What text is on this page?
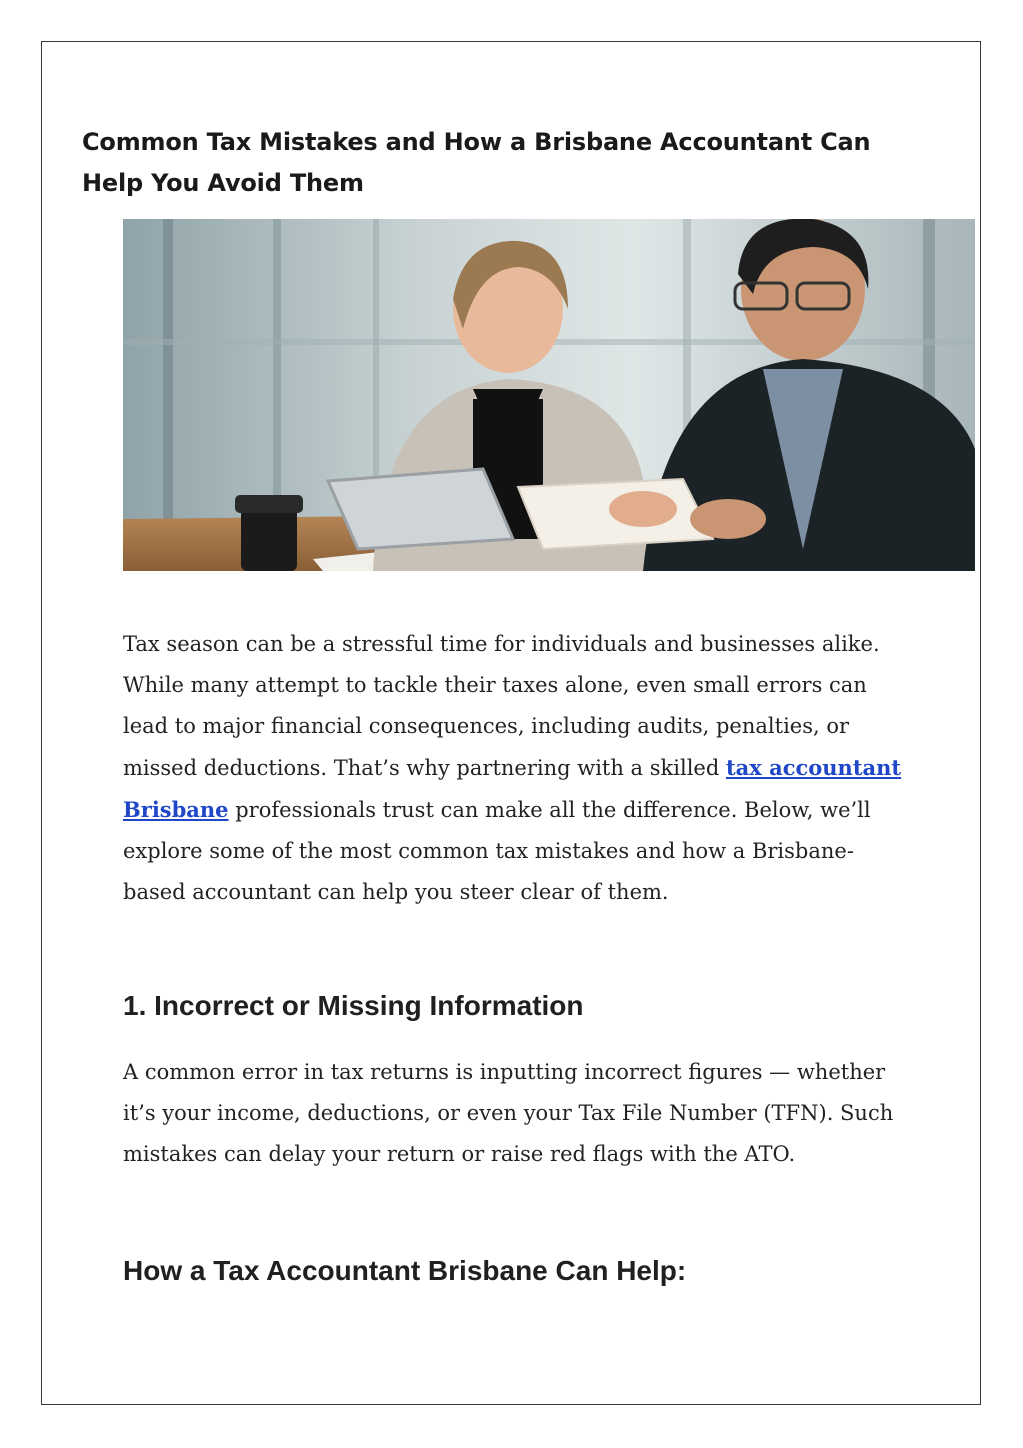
Common Tax Mistakes and How a Brisbane Accountant Can Help You Avoid Them

Tax season can be a stressful time for individuals and businesses alike. While many attempt to tackle their taxes alone, even small errors can lead to major financial consequences, including audits, penalties, or missed deductions. That’s why partnering with a skilled tax accountant Brisbane professionals trust can make all the difference. Below, we’ll explore some of the most common tax mistakes and how a Brisbane-based accountant can help you steer clear of them.

1. Incorrect or Missing Information

A common error in tax returns is inputting incorrect figures — whether it’s your income, deductions, or even your Tax File Number (TFN). Such mistakes can delay your return or raise red flags with the ATO.

How a Tax Accountant Brisbane Can Help:
